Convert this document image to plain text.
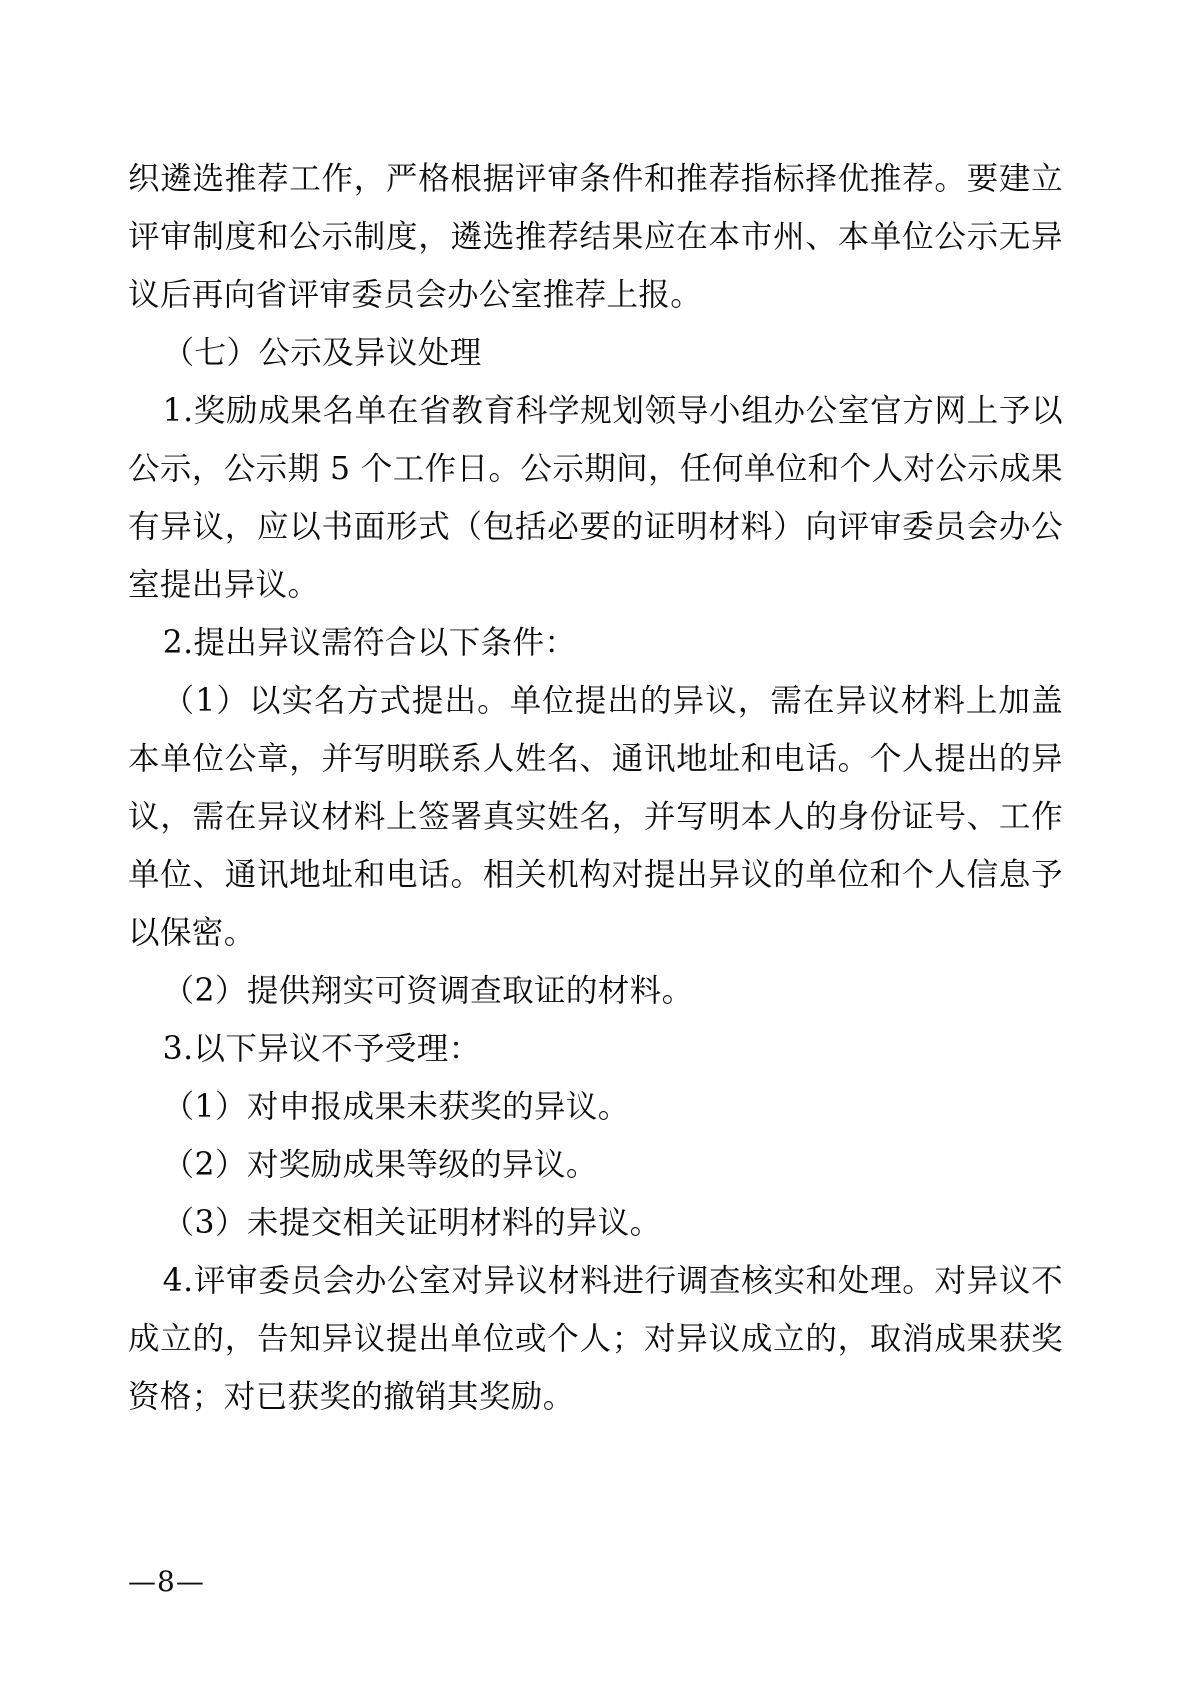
织遴选推荐工作，严格根据评审条件和推荐指标择优推荐。要建立评审制度和公示制度，遴选推荐结果应在本市州、本单位公示无异议后再向省评审委员会办公室推荐上报。

（七）公示及异议处理

1.奖励成果名单在省教育科学规划领导小组办公室官方网上予以公示，公示期 5 个工作日。公示期间，任何单位和个人对公示成果有异议，应以书面形式（包括必要的证明材料）向评审委员会办公室提出异议。

2.提出异议需符合以下条件：

（1）以实名方式提出。单位提出的异议，需在异议材料上加盖本单位公章，并写明联系人姓名、通讯地址和电话。个人提出的异议，需在异议材料上签署真实姓名，并写明本人的身份证号、工作单位、通讯地址和电话。相关机构对提出异议的单位和个人信息予以保密。

（2）提供翔实可资调查取证的材料。

3.以下异议不予受理：

（1）对申报成果未获奖的异议。

（2）对奖励成果等级的异议。

（3）未提交相关证明材料的异议。

4.评审委员会办公室对异议材料进行调查核实和处理。对异议不成立的，告知异议提出单位或个人；对异议成立的，取消成果获奖资格；对已获奖的撤销其奖励。

—8—
